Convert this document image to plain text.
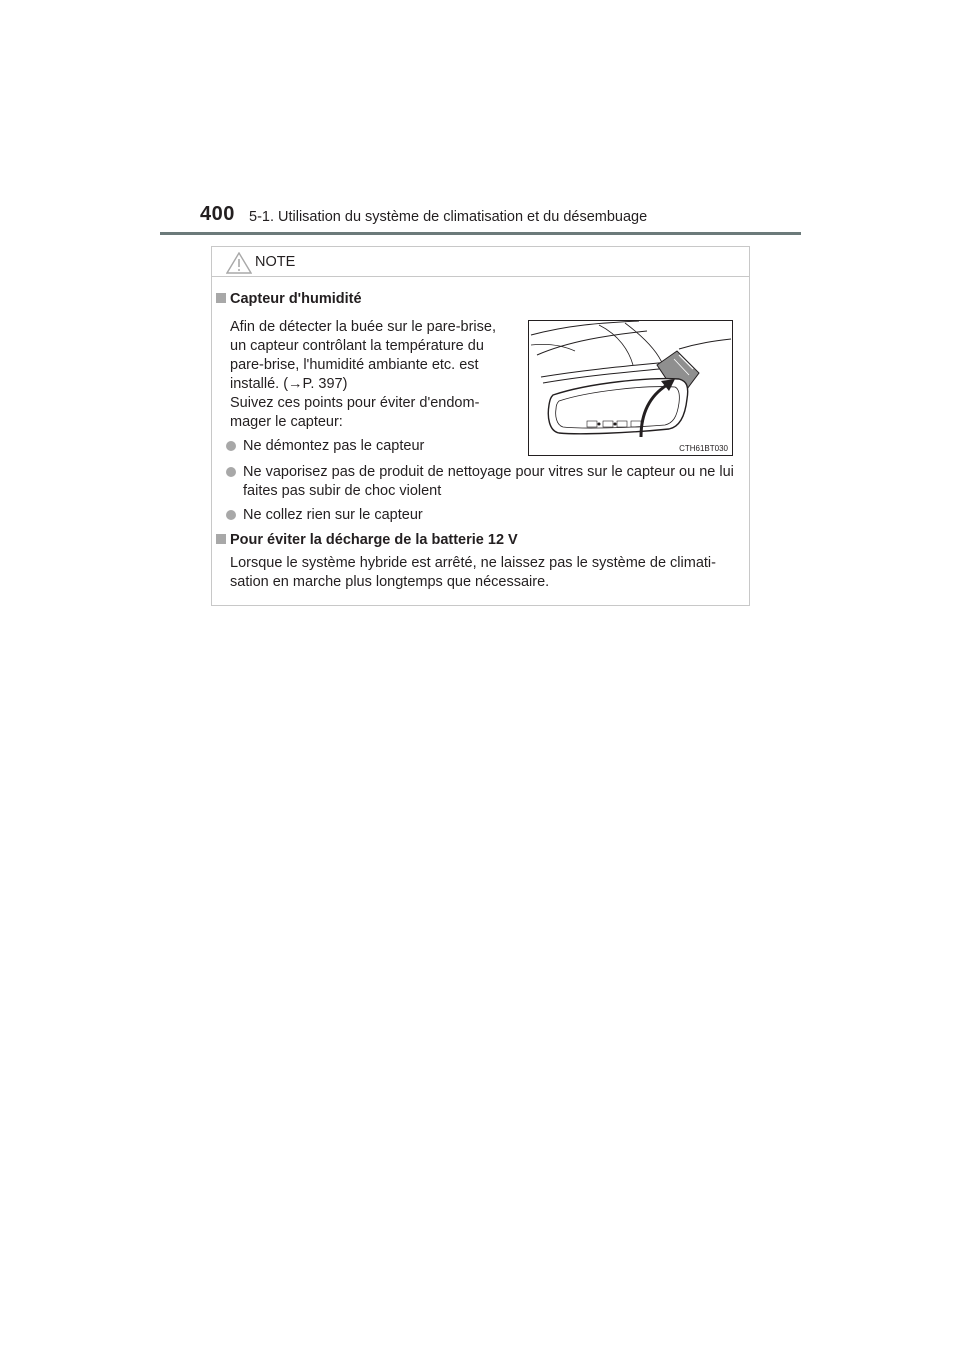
400 5-1. Utilisation du système de climatisation et du désembuage
NOTE
Capteur d'humidité
Afin de détecter la buée sur le pare-brise,
un capteur contrôlant la température du
pare-brise, l'humidité ambiante etc. est
installé. (→P. 397)
Suivez ces points pour éviter d'endom-
mager le capteur:
Ne démontez pas le capteur
Ne vaporisez pas de produit de nettoyage pour vitres sur le capteur ou ne lui faites pas subir de choc violent
Ne collez rien sur le capteur
Pour éviter la décharge de la batterie 12 V
Lorsque le système hybride est arrêté, ne laissez pas le système de climati- sation en marche plus longtemps que nécessaire.
CTH61BT030
